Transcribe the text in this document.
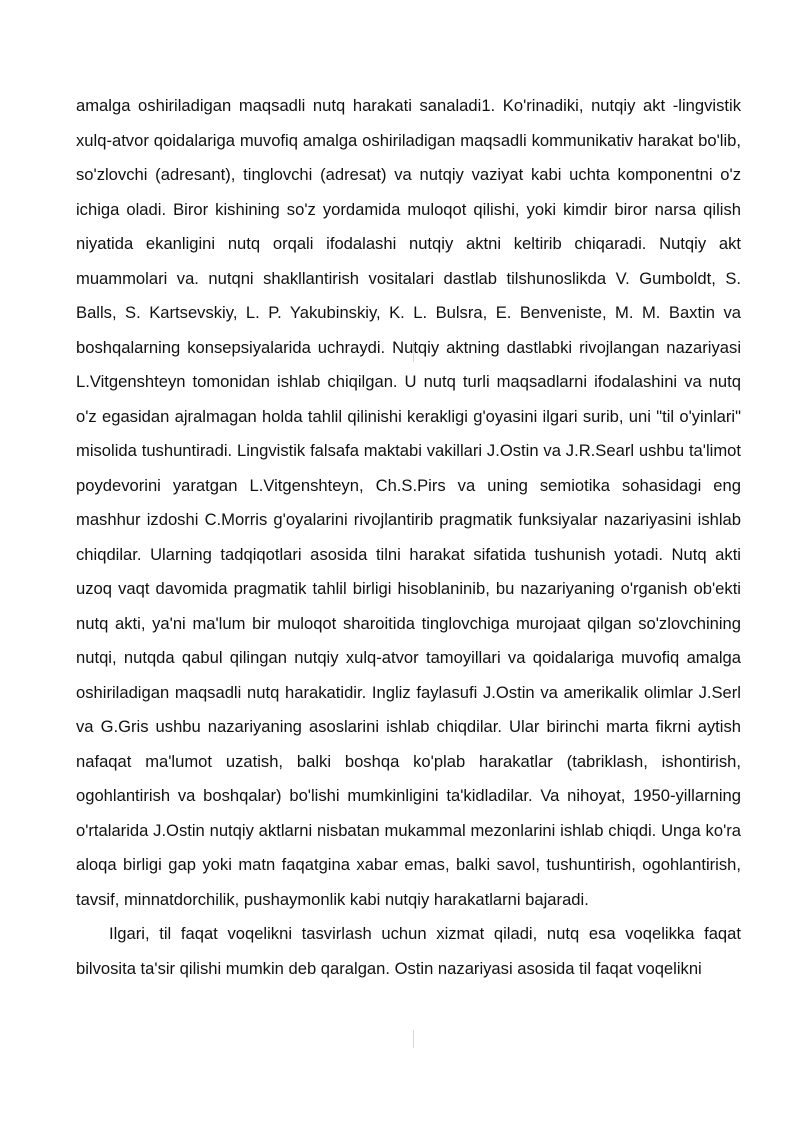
amalga oshiriladigan maqsadli nutq harakati sanaladi1. Ko'rinadiki, nutqiy akt -lingvistik xulq-atvor qoidalariga muvofiq amalga oshiriladigan maqsadli kommunikativ harakat bo'lib, so'zlovchi (adresant), tinglovchi (adresat) va nutqiy vaziyat kabi uchta komponentni o'z ichiga oladi. Biror kishining so'z yordamida muloqot qilishi, yoki kimdir biror narsa qilish niyatida ekanligini nutq orqali ifodalashi nutqiy aktni keltirib chiqaradi. Nutqiy akt muammolari va. nutqni shakllantirish vositalari dastlab tilshunoslikda V. Gumboldt, S. Balls, S. Kartsevskiy, L. P. Yakubinskiy, K. L. Bulsra, E. Benveniste, M. M. Baxtin va boshqalarning konsepsiyalarida uchraydi. Nutqiy aktning dastlabki rivojlangan nazariyasi L.Vitgenshteyn tomonidan ishlab chiqilgan. U nutq turli maqsadlarni ifodalashini va nutq o'z egasidan ajralmagan holda tahlil qilinishi kerakligi g'oyasini ilgari surib, uni "til o'yinlari" misolida tushuntiradi. Lingvistik falsafa maktabi vakillari J.Ostin va J.R.Searl ushbu ta'limot poydevorini yaratgan L.Vitgenshteyn, Ch.S.Pirs va uning semiotika sohasidagi eng mashhur izdoshi C.Morris g'oyalarini rivojlantirib pragmatik funksiyalar nazariyasini ishlab chiqdilar. Ularning tadqiqotlari asosida tilni harakat sifatida tushunish yotadi. Nutq akti uzoq vaqt davomida pragmatik tahlil birligi hisoblaninib, bu nazariyaning o'rganish ob'ekti nutq akti, ya'ni ma'lum bir muloqot sharoitida tinglovchiga murojaat qilgan so'zlovchining nutqi, nutqda qabul qilingan nutqiy xulq-atvor tamoyillari va qoidalariga muvofiq amalga oshiriladigan maqsadli nutq harakatidir. Ingliz faylasufi J.Ostin va amerikalik olimlar J.Serl va G.Gris ushbu nazariyaning asoslarini ishlab chiqdilar. Ular birinchi marta fikrni aytish nafaqat ma'lumot uzatish, balki boshqa ko'plab harakatlar (tabriklash, ishontirish, ogohlantirish va boshqalar) bo'lishi mumkinligini ta'kidladilar. Va nihoyat, 1950-yillarning o'rtalarida J.Ostin nutqiy aktlarni nisbatan mukammal mezonlarini ishlab chiqdi. Unga ko'ra aloqa birligi gap yoki matn faqatgina xabar emas, balki savol, tushuntirish, ogohlantirish, tavsif, minnatdorchilik, pushaymonlik kabi nutqiy harakatlarni bajaradi.

Ilgari, til faqat voqelikni tasvirlash uchun xizmat qiladi, nutq esa voqelikka faqat bilvosita ta'sir qilishi mumkin deb qaralgan. Ostin nazariyasi asosida til faqat voqelikni
